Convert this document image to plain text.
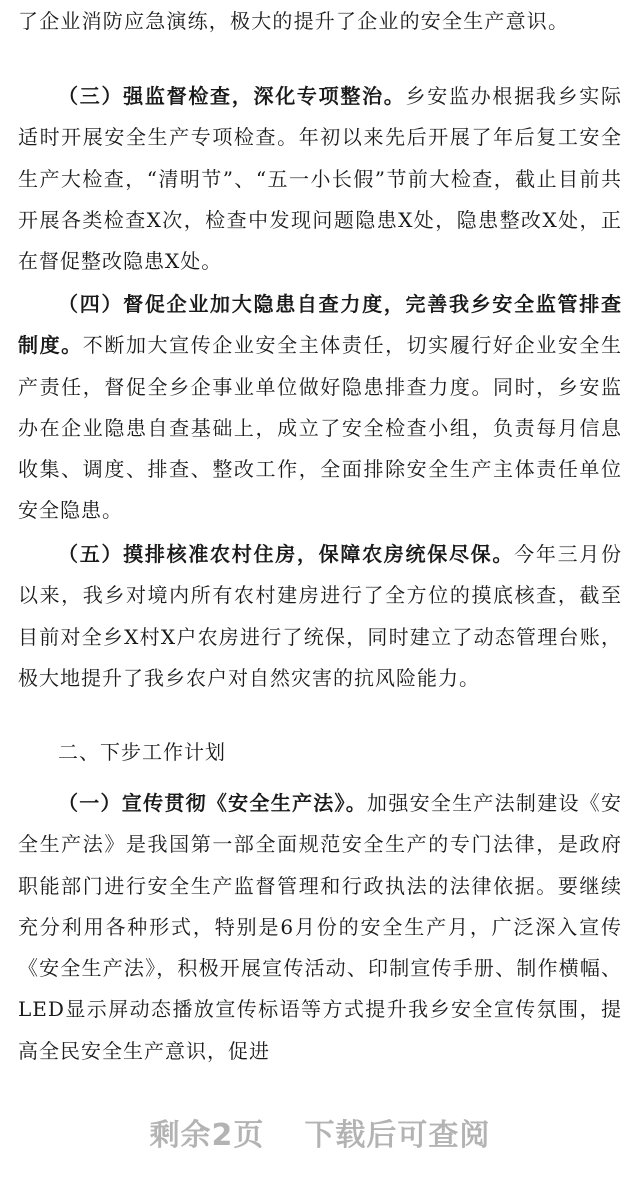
了企业消防应急演练，极大的提升了企业的安全生产意识。

（三）强监督检查，深化专项整治。乡安监办根据我乡实际适时开展安全生产专项检查。年初以来先后开展了年后复工安全生产大检查，“清明节”、“五一小长假”节前大检查，截止目前共开展各类检查X次，检查中发现问题隐患X处，隐患整改X处，正在督促整改隐患X处。

（四）督促企业加大隐患自查力度，完善我乡安全监管排查制度。不断加大宣传企业安全主体责任，切实履行好企业安全生产责任，督促全乡企事业单位做好隐患排查力度。同时，乡安监办在企业隐患自查基础上，成立了安全检查小组，负责每月信息收集、调度、排查、整改工作，全面排除安全生产主体责任单位安全隐患。

（五）摸排核准农村住房，保障农房统保尽保。今年三月份以来，我乡对境内所有农村建房进行了全方位的摸底核查，截至目前对全乡X村X户农房进行了统保，同时建立了动态管理台账，极大地提升了我乡农户对自然灾害的抗风险能力。

二、下步工作计划

（一）宣传贯彻《安全生产法》。加强安全生产法制建设《安全生产法》是我国第一部全面规范安全生产的专门法律，是政府职能部门进行安全生产监督管理和行政执法的法律依据。要继续充分利用各种形式，特别是6月份的安全生产月，广泛深入宣传《安全生产法》，积极开展宣传活动、印制宣传手册、制作横幅、LED显示屏动态播放宣传标语等方式提升我乡安全宣传氛围，提高全民安全生产意识，促进

剩余2页 下载后可查阅
